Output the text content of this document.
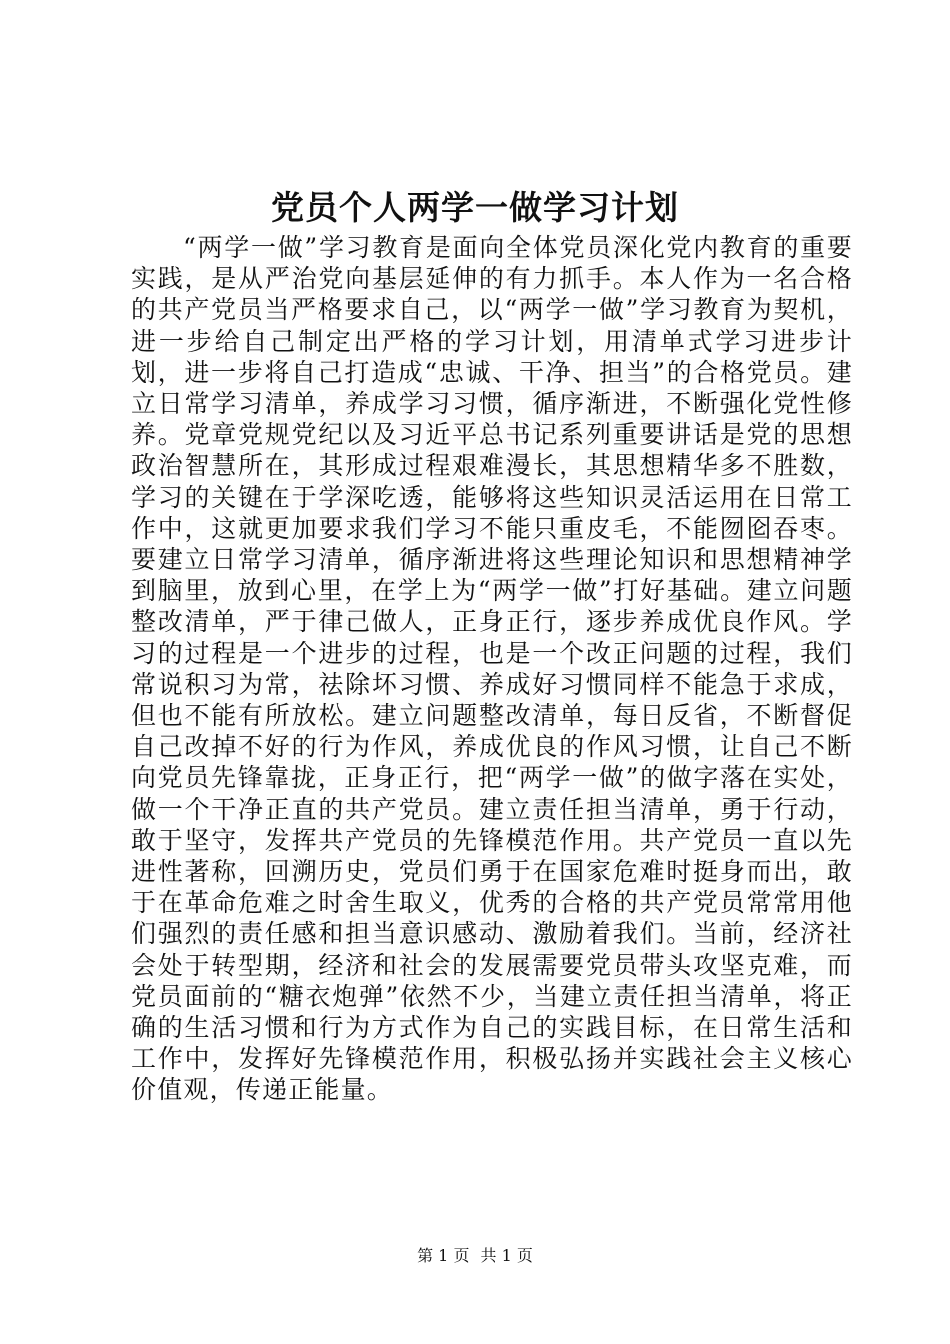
党员个人两学一做学习计划

“两学一做”学习教育是面向全体党员深化党内教育的重要实践，是从严治党向基层延伸的有力抓手。本人作为一名合格的共产党员当严格要求自己，以“两学一做”学习教育为契机，进一步给自己制定出严格的学习计划，用清单式学习进步计划，进一步将自己打造成“忠诚、干净、担当”的合格党员。建立日常学习清单，养成学习习惯，循序渐进，不断强化党性修养。党章党规党纪以及习近平总书记系列重要讲话是党的思想政治智慧所在，其形成过程艰难漫长，其思想精华多不胜数，学习的关键在于学深吃透，能够将这些知识灵活运用在日常工作中，这就更加要求我们学习不能只重皮毛，不能囫囵吞枣。要建立日常学习清单，循序渐进将这些理论知识和思想精神学到脑里，放到心里，在学上为“两学一做”打好基础。建立问题整改清单，严于律己做人，正身正行，逐步养成优良作风。学习的过程是一个进步的过程，也是一个改正问题的过程，我们常说积习为常，祛除坏习惯、养成好习惯同样不能急于求成，但也不能有所放松。建立问题整改清单，每日反省，不断督促自己改掉不好的行为作风，养成优良的作风习惯，让自己不断向党员先锋靠拢，正身正行，把“两学一做”的做字落在实处，做一个干净正直的共产党员。建立责任担当清单，勇于行动，敢于坚守，发挥共产党员的先锋模范作用。共产党员一直以先进性著称，回溯历史，党员们勇于在国家危难时挺身而出，敢于在革命危难之时舍生取义，优秀的合格的共产党员常常用他们强烈的责任感和担当意识感动、激励着我们。当前，经济社会处于转型期，经济和社会的发展需要党员带头攻坚克难，而党员面前的“糖衣炮弹”依然不少，当建立责任担当清单，将正确的生活习惯和行为方式作为自己的实践目标，在日常生活和工作中，发挥好先锋模范作用，积极弘扬并实践社会主义核心价值观，传递正能量。

第 1 页 共 1 页
